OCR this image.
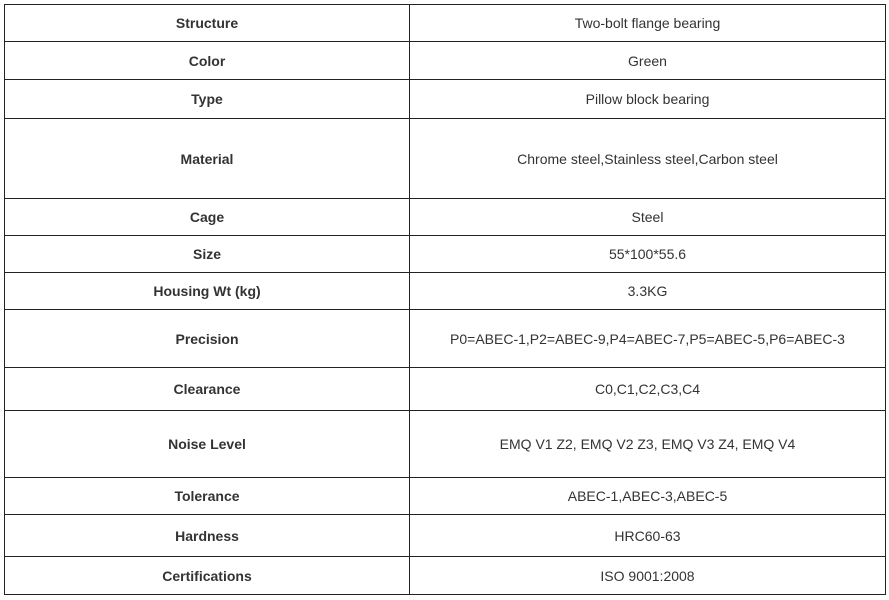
Structure	Two-bolt flange bearing
Color	Green
Type	Pillow block bearing
Material	Chrome steel,Stainless steel,Carbon steel
Cage	Steel
Size	55*100*55.6
Housing Wt (kg)	3.3KG
Precision	P0=ABEC-1,P2=ABEC-9,P4=ABEC-7,P5=ABEC-5,P6=ABEC-3
Clearance	C0,C1,C2,C3,C4
Noise Level	EMQ V1 Z2, EMQ V2 Z3, EMQ V3 Z4, EMQ V4
Tolerance	ABEC-1,ABEC-3,ABEC-5
Hardness	HRC60-63
Certifications	ISO 9001:2008
